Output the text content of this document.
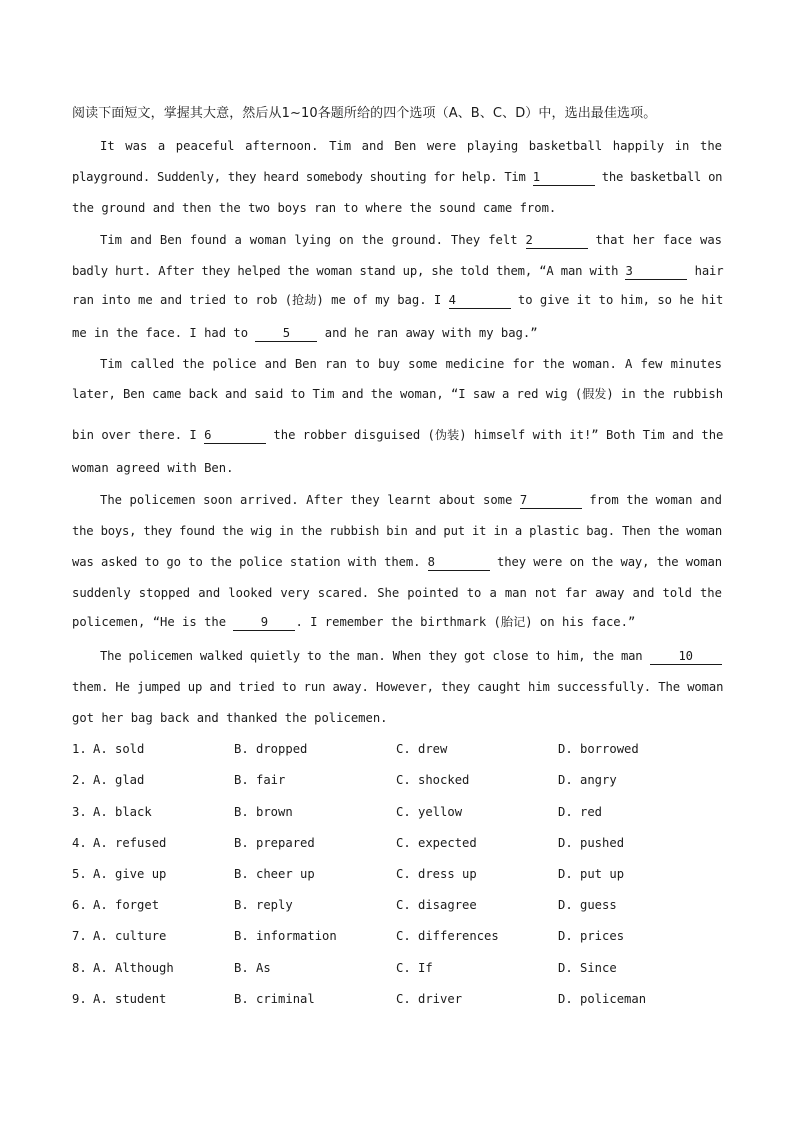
阅读下面短文，掌握其大意，然后从1~10各题所给的四个选项（A、B、C、D）中，选出最佳选项。
It was a peaceful afternoon. Tim and Ben were playing basketball happily in the
playground. Suddenly, they heard somebody shouting for help. Tim 1	the basketball on
the ground and then the two boys ran to where the sound came from.
Tim and Ben found a woman lying on the ground. They felt 2	that her face was
badly hurt. After they helped the woman stand up, she told them, “A man with 3	hair
ran into me and tried to rob (抢劫) me of my bag. I 4	to give it to him, so he hit
me in the face. I had to 5 and he ran away with my bag.”
Tim called the police and Ben ran to buy some medicine for the woman. A few minutes
later, Ben came back and said to Tim and the woman, “I saw a red wig (假发) in the rubbish
bin over there. I 6	the robber disguised (伪装) himself with it!” Both Tim and the
woman agreed with Ben.
The policemen soon arrived. After they learnt about some 7	from the woman and
the boys, they found the wig in the rubbish bin and put it in a plastic bag. Then the woman
was asked to go to the police station with them. 8	they were on the way, the woman
suddenly stopped and looked very scared. She pointed to a man not far away and told the
policemen, “He is the 9 . I remember the birthmark (胎记) on his face.”
The policemen walked quietly to the man. When they got close to him, the man 10
them. He jumped up and tried to run away. However, they caught him successfully. The woman
got her bag back and thanked the policemen.
1. A. sold	B. dropped	C. drew	D. borrowed
2. A. glad	B. fair	C. shocked	D. angry
3. A. black	B. brown	C. yellow	D. red
4. A. refused	B. prepared	C. expected	D. pushed
5. A. give up	B. cheer up	C. dress up	D. put up
6. A. forget	B. reply	C. disagree	D. guess
7. A. culture	B. information	C. differences	D. prices
8. A. Although	B. As	C. If	D. Since
9. A. student	B. criminal	C. driver	D. policeman
